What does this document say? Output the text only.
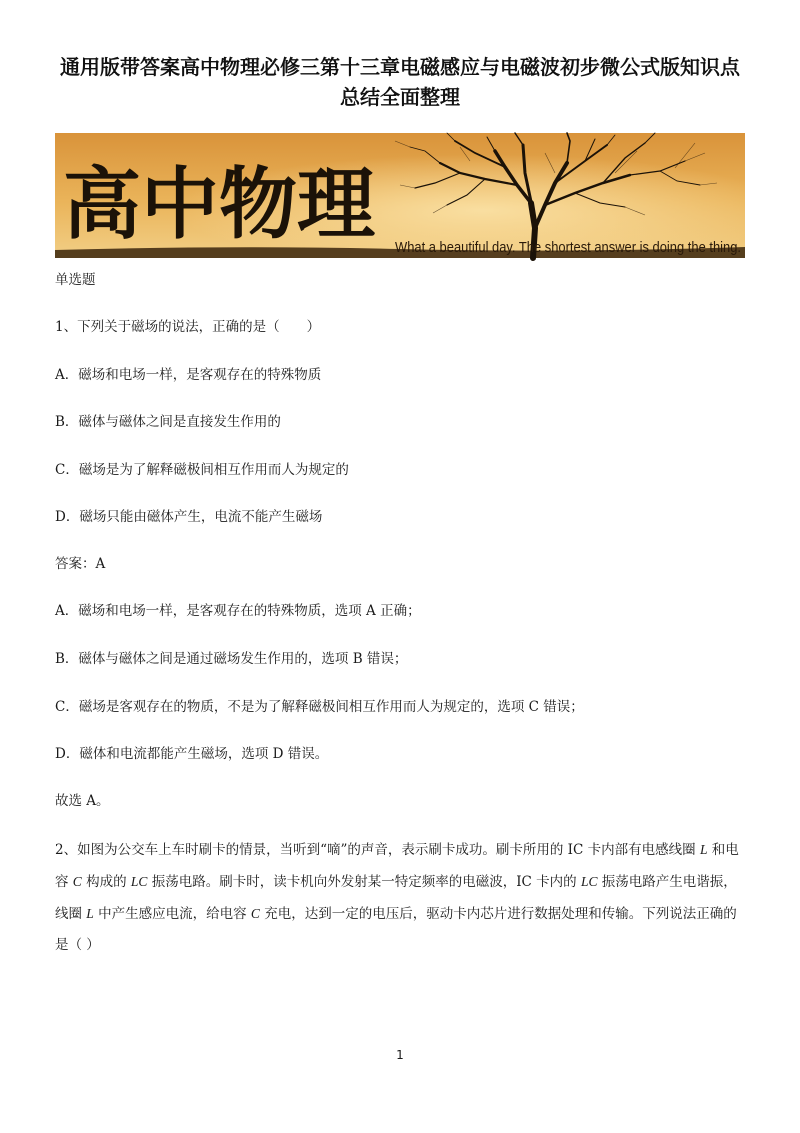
通用版带答案高中物理必修三第十三章电磁感应与电磁波初步微公式版知识点
总结全面整理
高中物理 What a beautiful day. The shortest answer is doing the thing.
单选题
1、下列关于磁场的说法，正确的是（　　）
A．磁场和电场一样，是客观存在的特殊物质
B．磁体与磁体之间是直接发生作用的
C．磁场是为了解释磁极间相互作用而人为规定的
D．磁场只能由磁体产生，电流不能产生磁场
答案：A
A．磁场和电场一样，是客观存在的特殊物质，选项 A 正确；
B．磁体与磁体之间是通过磁场发生作用的，选项 B 错误；
C．磁场是客观存在的物质，不是为了解释磁极间相互作用而人为规定的，选项 C 错误；
D．磁体和电流都能产生磁场，选项 D 错误。
故选 A。
2、如图为公交车上车时刷卡的情景，当听到“嘀”的声音，表示刷卡成功。刷卡所用的 IC 卡内部有电感线圈 L 和电容 C 构成的 LC 振荡电路。刷卡时，读卡机向外发射某一特定频率的电磁波，IC 卡内的 LC 振荡电路产生电谐振，线圈 L 中产生感应电流，给电容 C 充电，达到一定的电压后，驱动卡内芯片进行数据处理和传输。下列说法正确的是（ ）
1
